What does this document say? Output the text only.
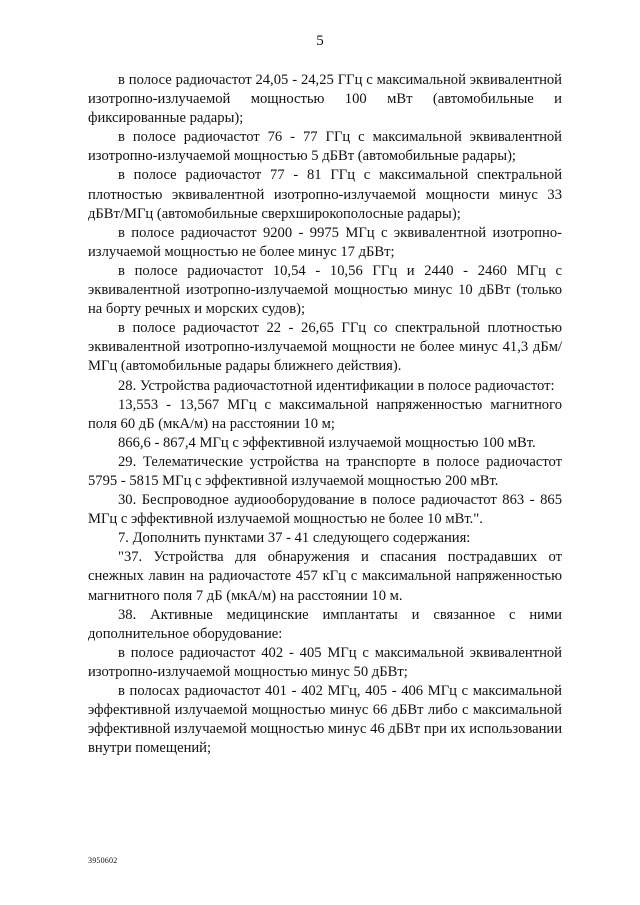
5

в полосе радиочастот 24,05 - 24,25 ГГц с максимальной эквивалентной изотропно-излучаемой мощностью 100 мВт (автомобильные и фиксированные радары);

в полосе радиочастот 76 - 77 ГГц с максимальной эквивалентной изотропно-излучаемой мощностью 5 дБВт (автомобильные радары);

в полосе радиочастот 77 - 81 ГГц с максимальной спектральной плотностью эквивалентной изотропно-излучаемой мощности минус 33 дБВт/МГц (автомобильные сверхширокополосные радары);

в полосе радиочастот 9200 - 9975 МГц с эквивалентной изотропно-излучаемой мощностью не более минус 17 дБВт;

в полосе радиочастот 10,54 - 10,56 ГГц и 2440 - 2460 МГц с эквивалентной изотропно-излучаемой мощностью минус 10 дБВт (только на борту речных и морских судов);

в полосе радиочастот 22 - 26,65 ГГц со спектральной плотностью эквивалентной изотропно-излучаемой мощности не более минус 41,3 дБм/МГц (автомобильные радары ближнего действия).

28. Устройства радиочастотной идентификации в полосе радиочастот:

13,553 - 13,567 МГц с максимальной напряженностью магнитного поля 60 дБ (мкА/м) на расстоянии 10 м;

866,6 - 867,4 МГц с эффективной излучаемой мощностью 100 мВт.

29. Телематические устройства на транспорте в полосе радиочастот 5795 - 5815 МГц с эффективной излучаемой мощностью 200 мВт.

30. Беспроводное аудиооборудование в полосе радиочастот 863 - 865 МГц с эффективной излучаемой мощностью не более 10 мВт.".

7. Дополнить пунктами 37 - 41 следующего содержания:

"37. Устройства для обнаружения и спасания пострадавших от снежных лавин на радиочастоте 457 кГц с максимальной напряженностью магнитного поля 7 дБ (мкА/м) на расстоянии 10 м.

38. Активные медицинские имплантаты и связанное с ними дополнительное оборудование:

в полосе радиочастот 402 - 405 МГц с максимальной эквивалентной изотропно-излучаемой мощностью минус 50 дБВт;

в полосах радиочастот 401 - 402 МГц, 405 - 406 МГц с максимальной эффективной излучаемой мощностью минус 66 дБВт либо с максимальной эффективной излучаемой мощностью минус 46 дБВт при их использовании внутри помещений;

3950602
